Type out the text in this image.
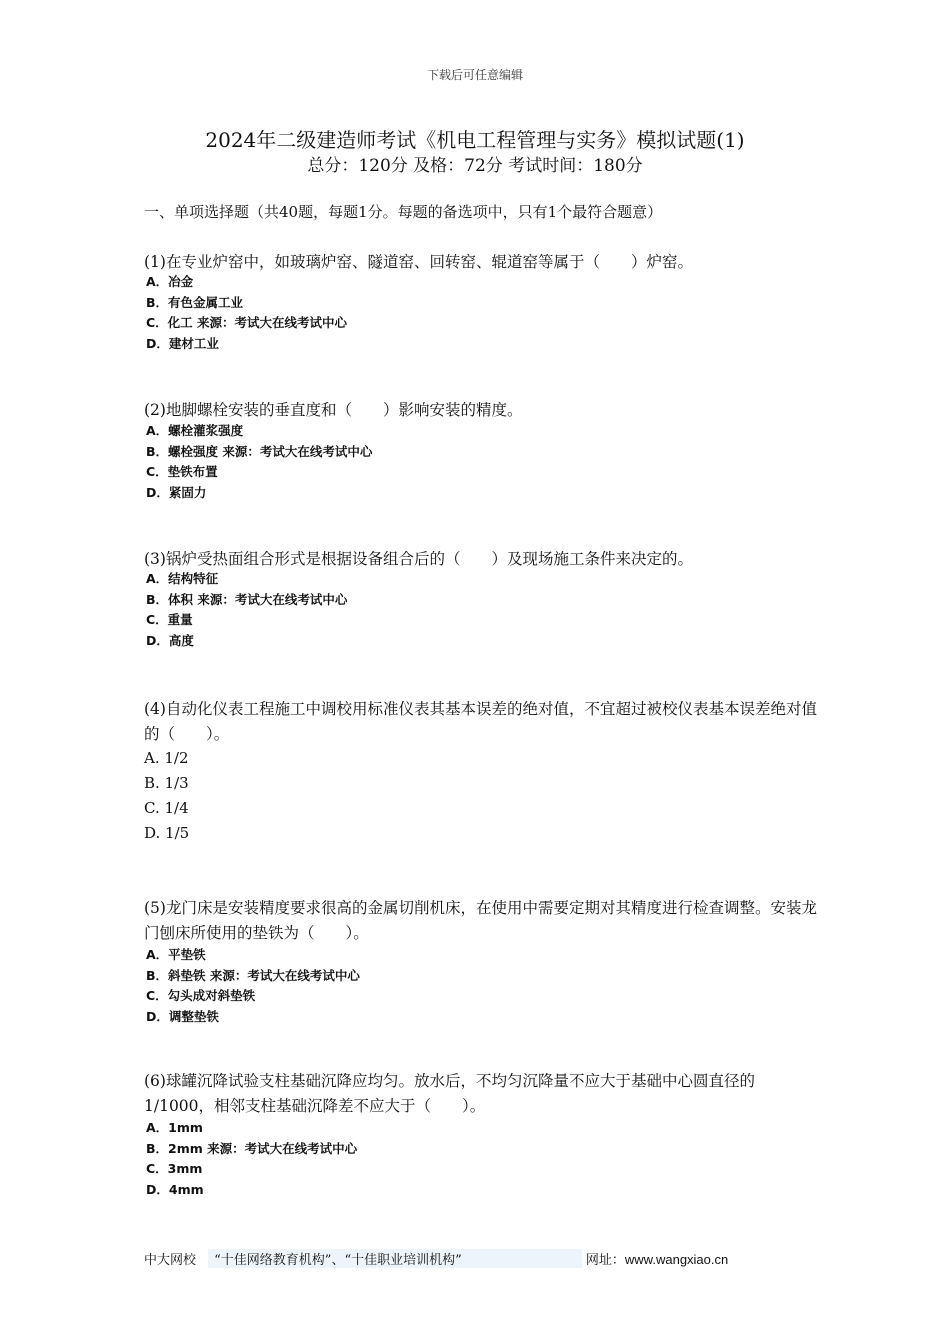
下载后可任意编辑
2024年二级建造师考试《机电工程管理与实务》模拟试题(1)
总分：120分 及格：72分 考试时间：180分
一、单项选择题（共40题，每题1分。每题的备选项中，只有1个最符合题意）
(1)在专业炉窑中，如玻璃炉窑、隧道窑、回转窑、辊道窑等属于（　　）炉窑。
A．冶金
B．有色金属工业
C．化工 来源：考试大在线考试中心
D．建材工业
(2)地脚螺栓安装的垂直度和（　　）影响安装的精度。
A．螺栓灌浆强度
B．螺栓强度 来源：考试大在线考试中心
C．垫铁布置
D．紧固力
(3)锅炉受热面组合形式是根据设备组合后的（　　）及现场施工条件来决定的。
A．结构特征
B．体积 来源：考试大在线考试中心
C．重量
D．高度
(4)自动化仪表工程施工中调校用标准仪表其基本误差的绝对值，不宜超过被校仪表基本误差绝对值的（　　）。
A. 1/2
B. 1/3
C. 1/4
D. 1/5
(5)龙门床是安装精度要求很高的金属切削机床，在使用中需要定期对其精度进行检查调整。安装龙门刨床所使用的垫铁为（　　）。
A．平垫铁
B．斜垫铁 来源：考试大在线考试中心
C．勾头成对斜垫铁
D．调整垫铁
(6)球罐沉降试验支柱基础沉降应均匀。放水后，不均匀沉降量不应大于基础中心圆直径的1/1000，相邻支柱基础沉降差不应大于（　　）。
A．1mm
B．2mm 来源：考试大在线考试中心
C．3mm
D．4mm
中大网校 “十佳网络教育机构”、“十佳职业培训机构”	网址：www.wangxiao.cn
